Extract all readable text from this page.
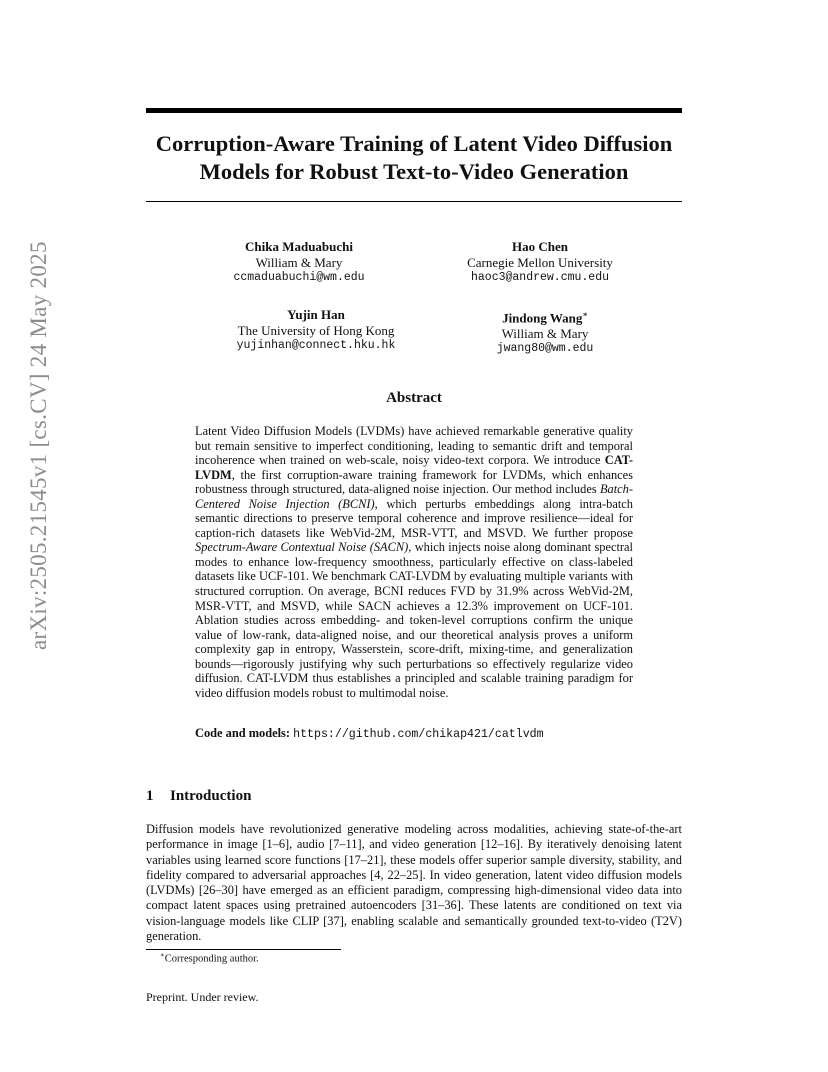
arXiv:2505.21545v1 [cs.CV] 24 May 2025
Corruption-Aware Training of Latent Video Diffusion
Models for Robust Text-to-Video Generation
Chika Maduabuchi
William & Mary
ccmaduabuchi@wm.edu
Hao Chen
Carnegie Mellon University
haoc3@andrew.cmu.edu
Yujin Han
The University of Hong Kong
yujinhan@connect.hku.hk
Jindong Wang∗
William & Mary
jwang80@wm.edu
Abstract
Latent Video Diffusion Models (LVDMs) have achieved remarkable generative quality but remain sensitive to imperfect conditioning, leading to semantic drift and temporal incoherence when trained on web-scale, noisy video-text corpora. We introduce CAT-LVDM, the first corruption-aware training framework for LVDMs, which enhances robustness through structured, data-aligned noise injection. Our method includes Batch-Centered Noise Injection (BCNI), which perturbs embeddings along intra-batch semantic directions to preserve temporal coherence and improve resilience—ideal for caption-rich datasets like WebVid-2M, MSR-VTT, and MSVD. We further propose Spectrum-Aware Contextual Noise (SACN), which injects noise along dominant spectral modes to enhance low-frequency smoothness, particularly effective on class-labeled datasets like UCF-101. We benchmark CAT-LVDM by evaluating multiple variants with structured corruption. On average, BCNI reduces FVD by 31.9% across WebVid-2M, MSR-VTT, and MSVD, while SACN achieves a 12.3% improvement on UCF-101. Ablation studies across embedding- and token-level corruptions confirm the unique value of low-rank, data-aligned noise, and our theoretical analysis proves a uniform complexity gap in entropy, Wasserstein, score-drift, mixing-time, and generalization bounds—rigorously justifying why such perturbations so effectively regularize video diffusion. CAT-LVDM thus establishes a principled and scalable training paradigm for video diffusion models robust to multimodal noise.
Code and models: https://github.com/chikap421/catlvdm
1 Introduction
Diffusion models have revolutionized generative modeling across modalities, achieving state-of-the-art performance in image [1–6], audio [7–11], and video generation [12–16]. By iteratively denoising latent variables using learned score functions [17–21], these models offer superior sample diversity, stability, and fidelity compared to adversarial approaches [4, 22–25]. In video generation, latent video diffusion models (LVDMs) [26–30] have emerged as an efficient paradigm, compressing high-dimensional video data into compact latent spaces using pretrained autoencoders [31–36]. These latents are conditioned on text via vision-language models like CLIP [37], enabling scalable and semantically grounded text-to-video (T2V) generation.
∗Corresponding author.
Preprint. Under review.
